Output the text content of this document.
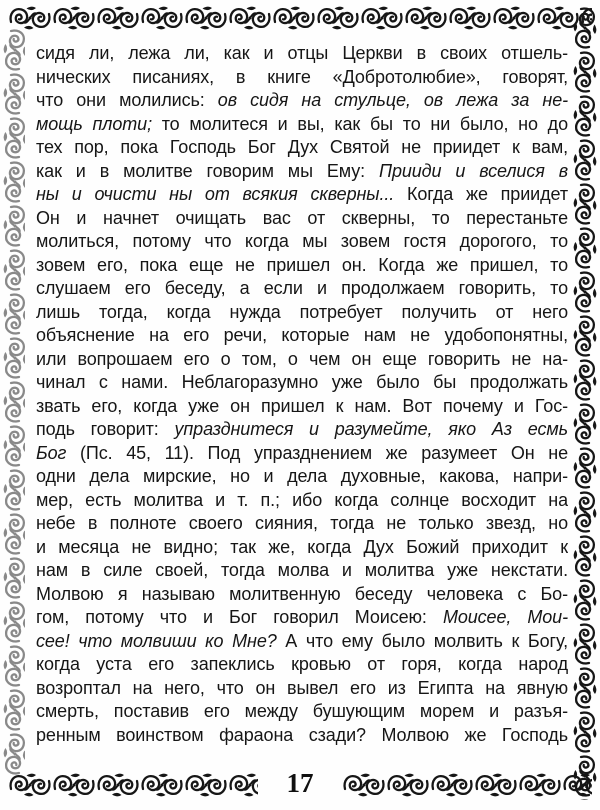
сидя ли, лежа ли, как и отцы Церкви в своих отшель-
нических писаниях, в книге «Добротолюбие», говорят,
что они молились: ов сидя на стульце, ов лежа за не-
мощь плоти; то молитеся и вы, как бы то ни было, но до
тех пор, пока Господь Бог Дух Святой не приидет к вам,
как и в молитве говорим мы Ему: Прииди и вселися в
ны и очисти ны от всякия скверны... Когда же приидет
Он и начнет очищать вас от скверны, то перестаньте
молиться, потому что когда мы зовем гостя дорогого, то
зовем его, пока еще не пришел он. Когда же пришел, то
слушаем его беседу, а если и продолжаем говорить, то
лишь тогда, когда нужда потребует получить от него
объяснение на его речи, которые нам не удобопонятны,
или вопрошаем его о том, о чем он еще говорить не на-
чинал с нами. Неблагоразумно уже было бы продолжать
звать его, когда уже он пришел к нам. Вот почему и Гос-
подь говорит: упразднитеся и разумейте, яко Аз есмь
Бог (Пс. 45, 11). Под упразднением же разумеет Он не
одни дела мирские, но и дела духовные, какова, напри-
мер, есть молитва и т. п.; ибо когда солнце восходит на
небе в полноте своего сияния, тогда не только звезд, но
и месяца не видно; так же, когда Дух Божий приходит к
нам в силе своей, тогда молва и молитва уже некстати.
Молвою я называю молитвенную беседу человека с Бо-
гом, потому что и Бог говорил Моисею: Моисее, Мои-
сее! что молвиши ко Мне? А что ему было молвить к Богу,
когда уста его запеклись кровью от горя, когда народ
возроптал на него, что он вывел его из Египта на явную
смерть, поставив его между бушующим морем и разъя-
ренным воинством фараона сзади? Молвою же Господь
17
